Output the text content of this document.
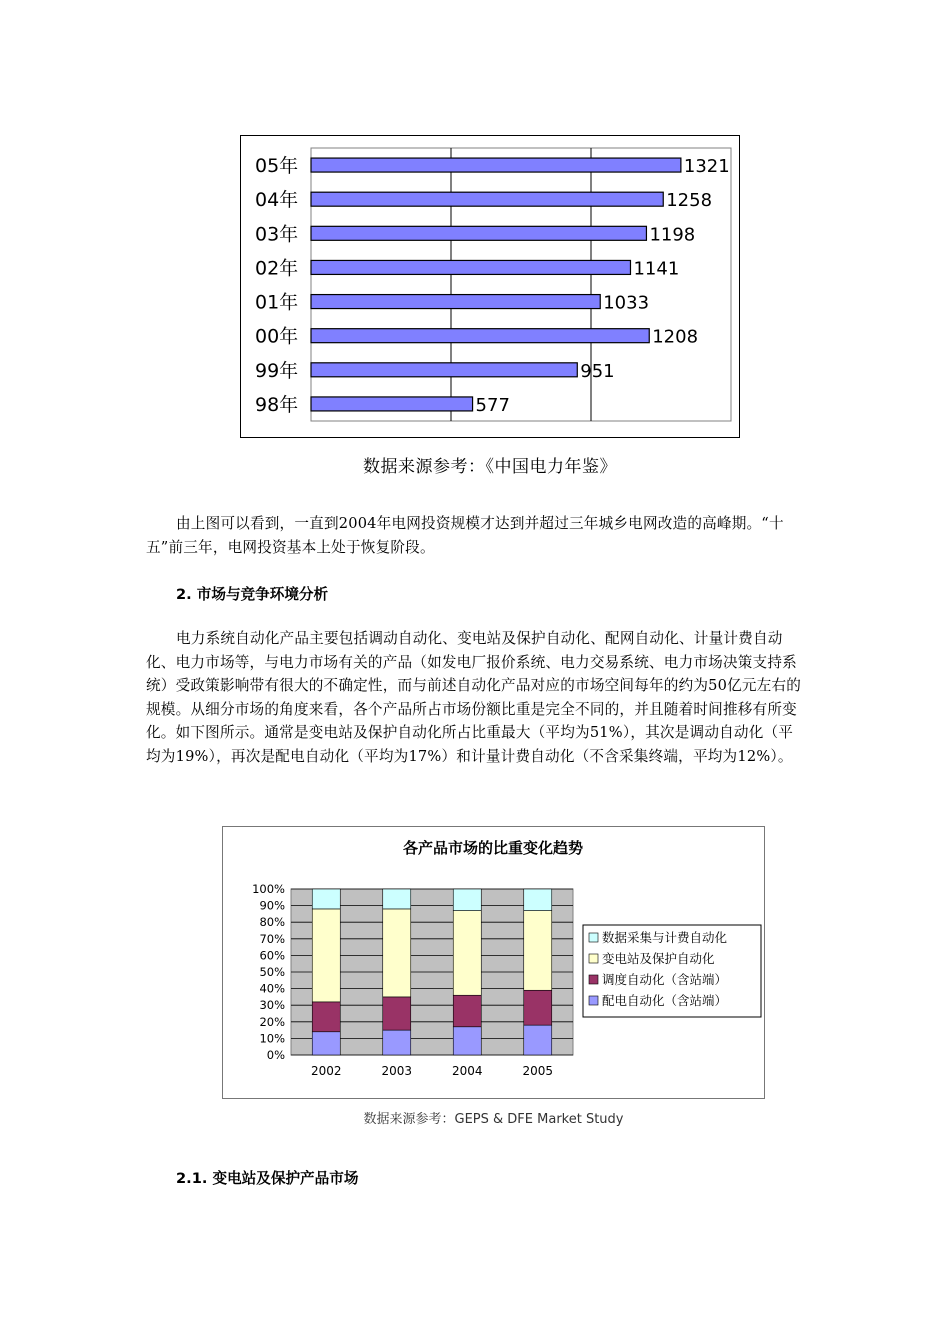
05年	1321
04年	1258
03年	1198
02年	1141
01年	1033
00年	1208
99年	951
98年	577
数据来源参考：《中国电力年鉴》
由上图可以看到，一直到2004年电网投资规模才达到并超过三年城乡电网改造的高峰期。“十五”前三年，电网投资基本上处于恢复阶段。
2. 市场与竞争环境分析
电力系统自动化产品主要包括调动自动化、变电站及保护自动化、配网自动化、计量计费自动化、电力市场等，与电力市场有关的产品（如发电厂报价系统、电力交易系统、电力市场决策支持系统）受政策影响带有很大的不确定性，而与前述自动化产品对应的市场空间每年的约为50亿元左右的规模。从细分市场的角度来看，各个产品所占市场份额比重是完全不同的，并且随着时间推移有所变化。如下图所示。通常是变电站及保护自动化所占比重最大（平均为51%），其次是调动自动化（平均为19%），再次是配电自动化（平均为17%）和计量计费自动化（不含采集终端，平均为12%）。
各产品市场的比重变化趋势
0%
10%
20%
30%
40%
50%
60%
70%
80%
90%
100%
2002	2003	2004	2005
数据采集与计费自动化
变电站及保护自动化
调度自动化（含站端）
配电自动化（含站端）
数据来源参考：GEPS & DFE Market Study
2.1. 变电站及保护产品市场
